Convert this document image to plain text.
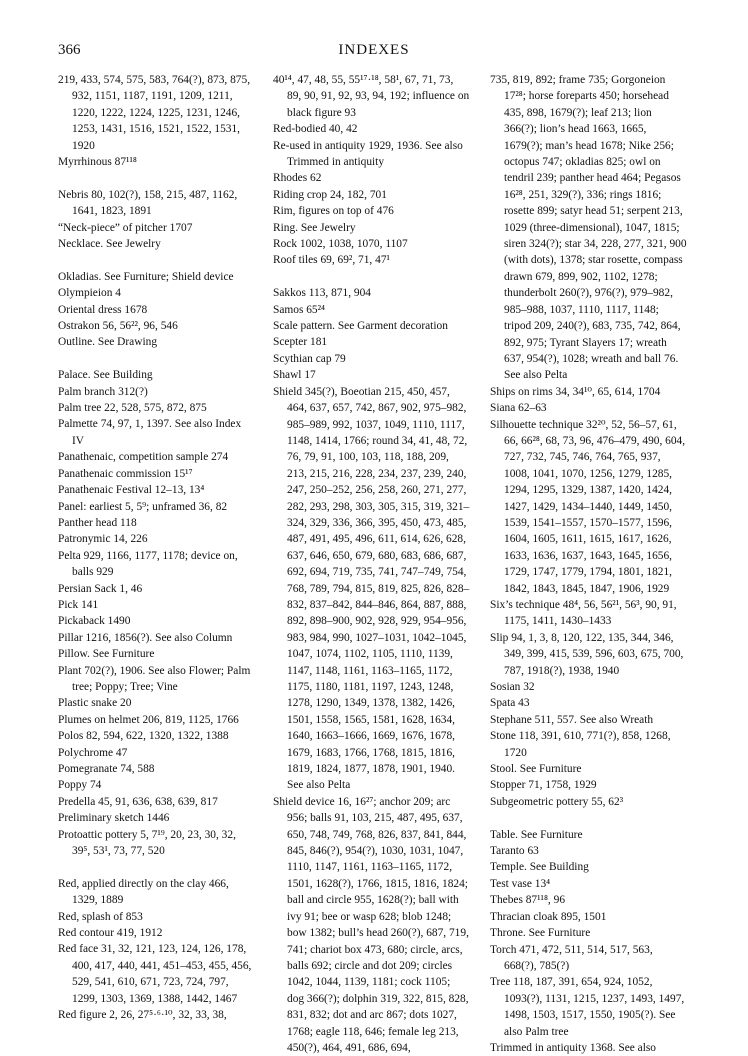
366	INDEXES
219, 433, 574, 575, 583, 764(?), 873, 875, 932, 1151, 1187, 1191, 1209, 1211, 1220, 1222, 1224, 1225, 1231, 1246, 1253, 1431, 1516, 1521, 1522, 1531, 1920
Myrrhinous 87¹¹⁸
Nebris 80, 102(?), 158, 215, 487, 1162, 1641, 1823, 1891
“Neck-piece” of pitcher 1707
Necklace. See Jewelry
Okladias. See Furniture; Shield device
Olympieion 4
Oriental dress 1678
Ostrakon 56, 56²², 96, 546
Outline. See Drawing
Palace. See Building
Palm branch 312(?)
Palm tree 22, 528, 575, 872, 875
Palmette 74, 97, 1, 1397. See also Index IV
Panathenaic, competition sample 274
Panathenaic commission 15¹⁷
Panathenaic Festival 12–13, 13⁴
Panel: earliest 5, 5⁹; unframed 36, 82
Panther head 118
Patronymic 14, 226
Pelta 929, 1166, 1177, 1178; device on, balls 929
Persian Sack 1, 46
Pick 141
Pickaback 1490
Pillar 1216, 1856(?). See also Column
Pillow. See Furniture
Plant 702(?), 1906. See also Flower; Palm tree; Poppy; Tree; Vine
Plastic snake 20
Plumes on helmet 206, 819, 1125, 1766
Polos 82, 594, 622, 1320, 1322, 1388
Polychrome 47
Pomegranate 74, 588
Poppy 74
Predella 45, 91, 636, 638, 639, 817
Preliminary sketch 1446
Protoattic pottery 5, 7¹⁹, 20, 23, 30, 32, 39⁵, 53¹, 73, 77, 520
Red, applied directly on the clay 466, 1329, 1889
Red, splash of 853
Red contour 419, 1912
Red face 31, 32, 121, 123, 124, 126, 178, 400, 417, 440, 441, 451–453, 455, 456, 529, 541, 610, 671, 723, 724, 797, 1299, 1303, 1369, 1388, 1442, 1467
Red figure 2, 26, 27⁵·⁶·¹⁰, 32, 33, 38,
40¹⁴, 47, 48, 55, 55¹⁷·¹⁸, 58¹, 67, 71, 73, 89, 90, 91, 92, 93, 94, 192; influence on black figure 93
Red-bodied 40, 42
Re-used in antiquity 1929, 1936. See also Trimmed in antiquity
Rhodes 62
Riding crop 24, 182, 701
Rim, figures on top of 476
Ring. See Jewelry
Rock 1002, 1038, 1070, 1107
Roof tiles 69, 69², 71, 47¹
Sakkos 113, 871, 904
Samos 65²⁴
Scale pattern. See Garment decoration
Scepter 181
Scythian cap 79
Shawl 17
Shield 345(?), Boeotian 215, 450, 457, 464, 637, 657, 742, 867, 902, 975–982, 985–989, 992, 1037, 1049, 1110, 1117, 1148, 1414, 1766; round 34, 41, 48, 72, 76, 79, 91, 100, 103, 118, 188, 209, 213, 215, 216, 228, 234, 237, 239, 240, 247, 250–252, 256, 258, 260, 271, 277, 282, 293, 298, 303, 305, 315, 319, 321–324, 329, 336, 366, 395, 450, 473, 485, 487, 491, 495, 496, 611, 614, 626, 628, 637, 646, 650, 679, 680, 683, 686, 687, 692, 694, 719, 735, 741, 747–749, 754, 768, 789, 794, 815, 819, 825, 826, 828–832, 837–842, 844–846, 864, 887, 888, 892, 898–900, 902, 928, 929, 954–956, 983, 984, 990, 1027–1031, 1042–1045, 1047, 1074, 1102, 1105, 1110, 1139, 1147, 1148, 1161, 1163–1165, 1172, 1175, 1180, 1181, 1197, 1243, 1248, 1278, 1290, 1349, 1378, 1382, 1426, 1501, 1558, 1565, 1581, 1628, 1634, 1640, 1663–1666, 1669, 1676, 1678, 1679, 1683, 1766, 1768, 1815, 1816, 1819, 1824, 1877, 1878, 1901, 1940. See also Pelta
Shield device 16, 16²⁷; anchor 209; arc 956; balls 91, 103, 215, 487, 495, 637, 650, 748, 749, 768, 826, 837, 841, 844, 845, 846(?), 954(?), 1030, 1031, 1047, 1110, 1147, 1161, 1163–1165, 1172, 1501, 1628(?), 1766, 1815, 1816, 1824; ball and circle 955, 1628(?); ball with ivy 91; bee or wasp 628; blob 1248; bow 1382; bull’s head 260(?), 687, 719, 741; chariot box 473, 680; circle, arcs, balls 692; circle and dot 209; circles 1042, 1044, 1139, 1181; cock 1105; dog 366(?); dolphin 319, 322, 815, 828, 831, 832; dot and arc 867; dots 1027, 1768; eagle 118, 646; female leg 213, 450(?), 464, 491, 686, 694,
735, 819, 892; frame 735; Gorgoneion 17²⁸; horse foreparts 450; horsehead 435, 898, 1679(?); leaf 213; lion 366(?); lion’s head 1663, 1665, 1679(?); man’s head 1678; Nike 256; octopus 747; okladias 825; owl on tendril 239; panther head 464; Pegasos 16²⁸, 251, 329(?), 336; rings 1816; rosette 899; satyr head 51; serpent 213, 1029 (three-dimensional), 1047, 1815; siren 324(?); star 34, 228, 277, 321, 900 (with dots), 1378; star rosette, compass drawn 679, 899, 902, 1102, 1278; thunderbolt 260(?), 976(?), 979–982, 985–988, 1037, 1110, 1117, 1148; tripod 209, 240(?), 683, 735, 742, 864, 892, 975; Tyrant Slayers 17; wreath 637, 954(?), 1028; wreath and ball 76. See also Pelta
Ships on rims 34, 34¹⁰, 65, 614, 1704
Siana 62–63
Silhouette technique 32²⁰, 52, 56–57, 61, 66, 66²⁸, 68, 73, 96, 476–479, 490, 604, 727, 732, 745, 746, 764, 765, 937, 1008, 1041, 1070, 1256, 1279, 1285, 1294, 1295, 1329, 1387, 1420, 1424, 1427, 1429, 1434–1440, 1449, 1450, 1539, 1541–1557, 1570–1577, 1596, 1604, 1605, 1611, 1615, 1617, 1626, 1633, 1636, 1637, 1643, 1645, 1656, 1729, 1747, 1779, 1794, 1801, 1821, 1842, 1843, 1845, 1847, 1906, 1929
Six’s technique 48⁴, 56, 56²¹, 56³, 90, 91, 1175, 1411, 1430–1433
Slip 94, 1, 3, 8, 120, 122, 135, 344, 346, 349, 399, 415, 539, 596, 603, 675, 700, 787, 1918(?), 1938, 1940
Sosian 32
Spata 43
Stephane 511, 557. See also Wreath
Stone 118, 391, 610, 771(?), 858, 1268, 1720
Stool. See Furniture
Stopper 71, 1758, 1929
Subgeometric pottery 55, 62³
Table. See Furniture
Taranto 63
Temple. See Building
Test vase 13⁴
Thebes 87¹¹⁸, 96
Thracian cloak 895, 1501
Throne. See Furniture
Torch 471, 472, 511, 514, 517, 563, 668(?), 785(?)
Tree 118, 187, 391, 654, 924, 1052, 1093(?), 1131, 1215, 1237, 1493, 1497, 1498, 1503, 1517, 1550, 1905(?). See also Palm tree
Trimmed in antiquity 1368. See also
